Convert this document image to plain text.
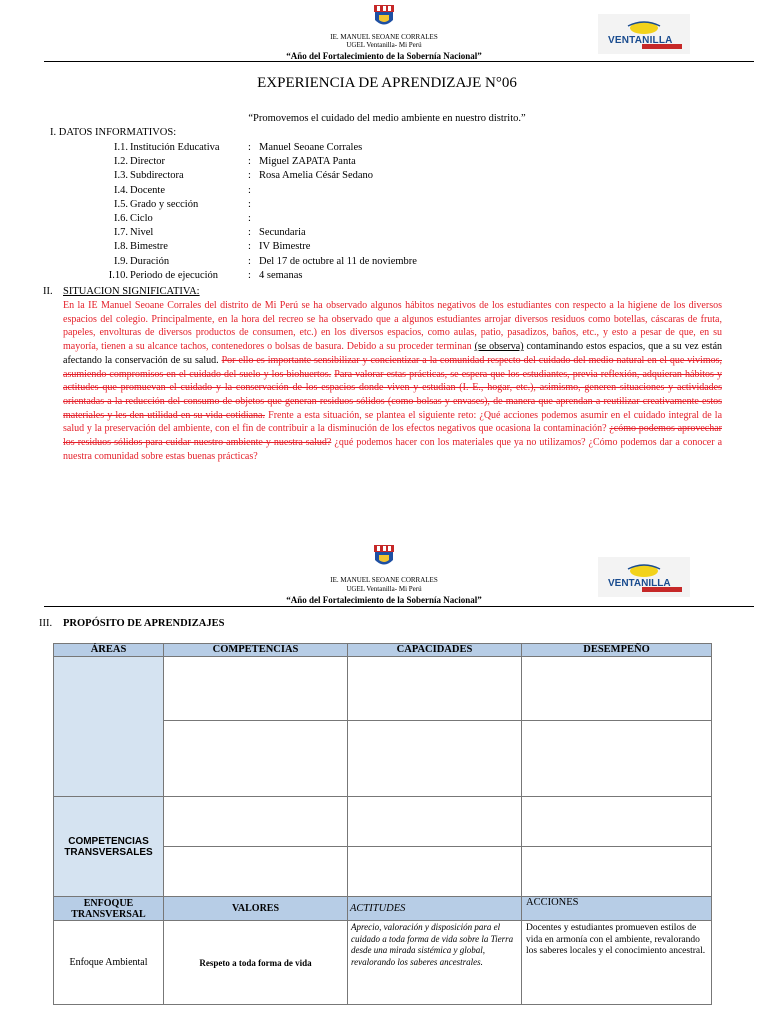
IE. MANUEL SEOANE CORRALES
UGEL Ventanilla- Mi Perú
“Año del Fortalecimiento de la Sobernía Nacional”
VENTANILLA
EXPERIENCIA DE APRENDIZAJE N°06
“Promovemos el cuidado del medio ambiente en nuestro distrito.”
I. DATOS INFORMATIVOS:
I.1. Institución Educativa	: Manuel Seoane Corrales
I.2. Director	: Miguel ZAPATA Panta
I.3. Subdirectora	: Rosa Amelia Césár Sedano
I.4. Docente	:
I.5. Grado y sección	:
I.6. Ciclo	:
I.7. Nivel	: Secundaria
I.8. Bimestre	: IV Bimestre
I.9. Duración	: Del 17 de octubre al 11 de noviembre
I.10. Periodo de ejecución	: 4 semanas
II. SITUACION SIGNIFICATIVA:
En la IE Manuel Seoane Corrales del distrito de Mi Perú se ha observado algunos hábitos negativos de los estudiantes con respecto a la higiene de los diversos espacios del colegio. Principalmente, en la hora del recreo se ha observado que a algunos estudiantes arrojar diversos residuos como botellas, cáscaras de fruta, papeles, envolturas de diversos productos de consumen, etc.) en los diversos espacios, como aulas, patio, pasadizos, baños, etc., y esto a pesar de que, en su mayoría, tienen a su alcance tachos, contenedores o bolsas de basura. Debido a su proceder terminan (se observa) contaminando estos espacios, que a su vez están afectando la conservación de su salud. Por ello es importante sensibilizar y concientizar a la comunidad respecto del cuidado del medio natural en el que vivimos, asumiendo compromisos en el cuidado del suelo y los biohuertos. Para valorar estas prácticas, se espera que los estudiantes, previa reflexión, adquieran hábitos y actitudes que promuevan el cuidado y la conservación de los espacios donde viven y estudian (I. E., hogar, etc.), asimismo, generen situaciones y actividades orientadas a la reducción del consumo de objetos que generan residuos sólidos (como bolsas y envases), de manera que aprendan a reutilizar creativamente estos materiales y les den utilidad en su vida cotidiana. Frente a esta situación, se plantea el siguiente reto: ¿Qué acciones podemos asumir en el cuidado integral de la salud y la preservación del ambiente, con el fin de contribuir a la disminución de los efectos negativos que ocasiona la contaminación? ¿cómo podemos aprovechar los residuos sólidos para cuidar nuestro ambiente y nuestra salud? ¿qué podemos hacer con los materiales que ya no utilizamos? ¿Cómo podemos dar a conocer a nuestra comunidad sobre estas buenas prácticas?
IE. MANUEL SEOANE CORRALES
UGEL Ventanilla- Mi Perú
“Año del Fortalecimiento de la Sobernía Nacional”
VENTANILLA
III. PROPÓSITO DE APRENDIZAJES
ÁREAS	COMPETENCIAS	CAPACIDADES	DESEMPEÑO

COMPETENCIAS TRANSVERSALES			

ENFOQUE TRANSVERSAL	VALORES	ACTITUDES	ACCIONES
Enfoque Ambiental	Respeto a toda forma de vida	Aprecio, valoración y disposición para el cuidado a toda forma de vida sobre la Tierra desde una mirada sistémica y global, revalorando los saberes ancestrales.	Docentes y estudiantes promueven estilos de vida en armonía con el ambiente, revalorando los saberes locales y el conocimiento ancestral.
